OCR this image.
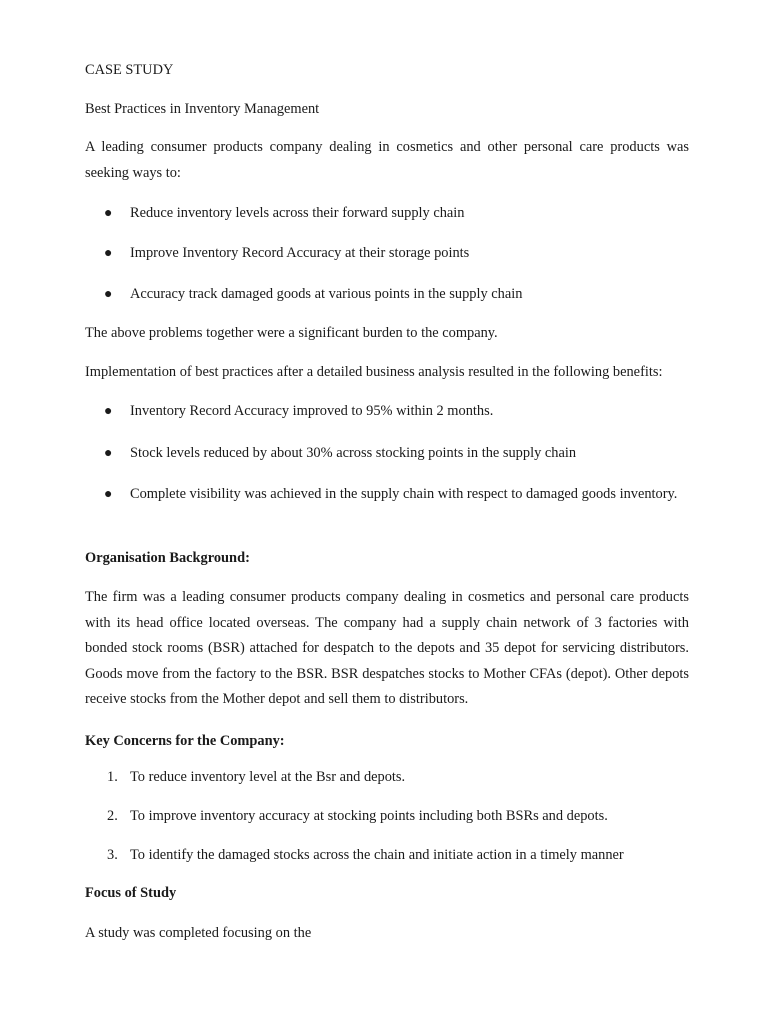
CASE STUDY
Best Practices in Inventory Management
A leading consumer products company dealing in cosmetics and other personal care products was seeking ways to:
● Reduce inventory levels across their forward supply chain
● Improve Inventory Record Accuracy at their storage points
● Accuracy track damaged goods at various points in the supply chain
The above problems together were a significant burden to the company.
Implementation of best practices after a detailed business analysis resulted in the following benefits:
● Inventory Record Accuracy improved to 95% within 2 months.
● Stock levels reduced by about 30% across stocking points in the supply chain
● Complete visibility was achieved in the supply chain with respect to damaged goods inventory.
Organisation Background:
The firm was a leading consumer products company dealing in cosmetics and personal care products with its head office located overseas. The company had a supply chain network of 3 factories with bonded stock rooms (BSR) attached for despatch to the depots and 35 depot for servicing distributors. Goods move from the factory to the BSR. BSR despatches stocks to Mother CFAs (depot). Other depots receive stocks from the Mother depot and sell them to distributors.
Key Concerns for the Company:
1. To reduce inventory level at the Bsr and depots.
2. To improve inventory accuracy at stocking points including both BSRs and depots.
3. To identify the damaged stocks across the chain and initiate action in a timely manner
Focus of Study
A study was completed focusing on the
